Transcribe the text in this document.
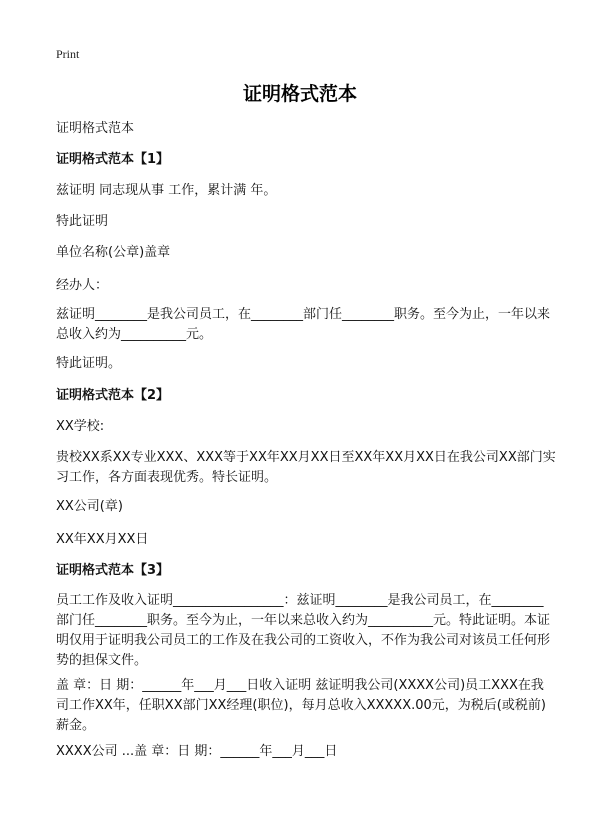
Print
证明格式范本
证明格式范本
证明格式范本【1】
兹证明 同志现从事 工作，累计满 年。
特此证明
单位名称(公章)盖章
经办人：
兹证明________是我公司员工，在________部门任________职务。至今为止，一年以来总收入约为__________元。
特此证明。
证明格式范本【2】
XX学校:
贵校XX系XX专业XXX、XXX等于XX年XX月XX日至XX年XX月XX日在我公司XX部门实习工作，各方面表现优秀。特长证明。
XX公司(章)
XX年XX月XX日
证明格式范本【3】
员工工作及收入证明_________________：兹证明________是我公司员工，在________部门任________职务。至今为止，一年以来总收入约为__________元。特此证明。本证明仅用于证明我公司员工的工作及在我公司的工资收入，不作为我公司对该员工任何形势的担保文件。
盖 章：日 期：______年___月___日收入证明 兹证明我公司(XXXX公司)员工XXX在我司工作XX年，任职XX部门XX经理(职位)，每月总收入XXXXX.00元，为税后(或税前)薪金。
XXXX公司 ...盖 章：日 期：______年___月___日
